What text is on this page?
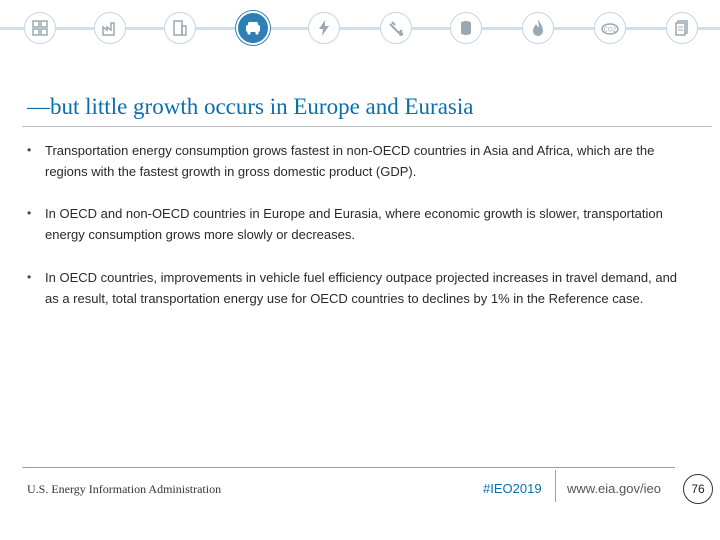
CO2
—but little growth occurs in Europe and Eurasia
• Transportation energy consumption grows fastest in non-OECD countries in Asia and Africa, which are the regions with the fastest growth in gross domestic product (GDP).
• In OECD and non-OECD countries in Europe and Eurasia, where economic growth is slower, transportation energy consumption grows more slowly or decreases.
• In OECD countries, improvements in vehicle fuel efficiency outpace projected increases in travel demand, and as a result, total transportation energy use for OECD countries to declines by 1% in the Reference case.
U.S. Energy Information Administration	#IEO2019 www.eia.gov/ieo	76
